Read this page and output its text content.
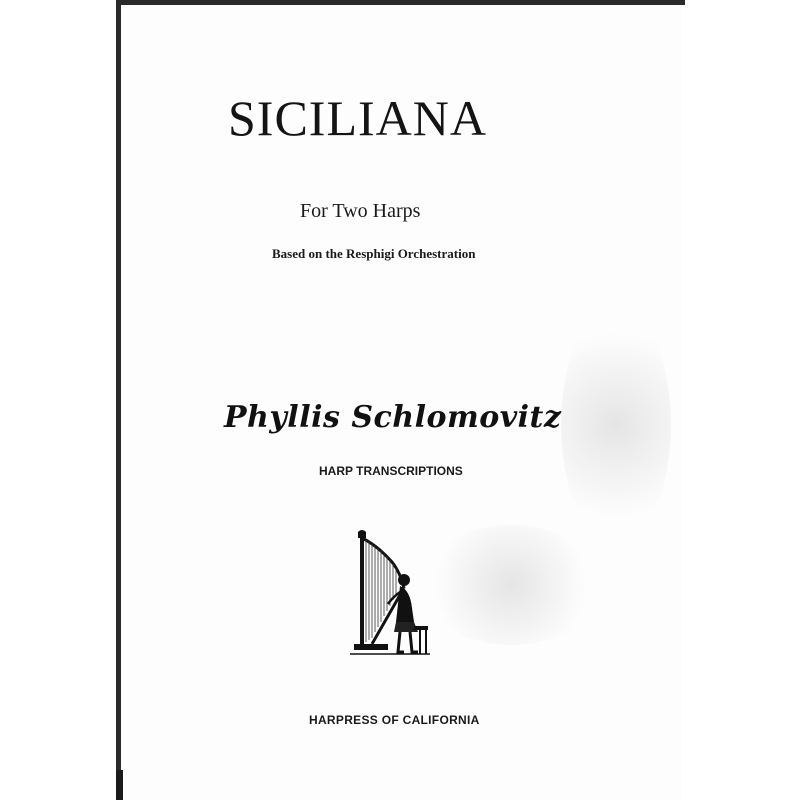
SICILIANA
For Two Harps
Based on the Resphigi Orchestration
Phyllis Schlomovitz
HARP TRANSCRIPTIONS
HARPRESS OF CALIFORNIA
